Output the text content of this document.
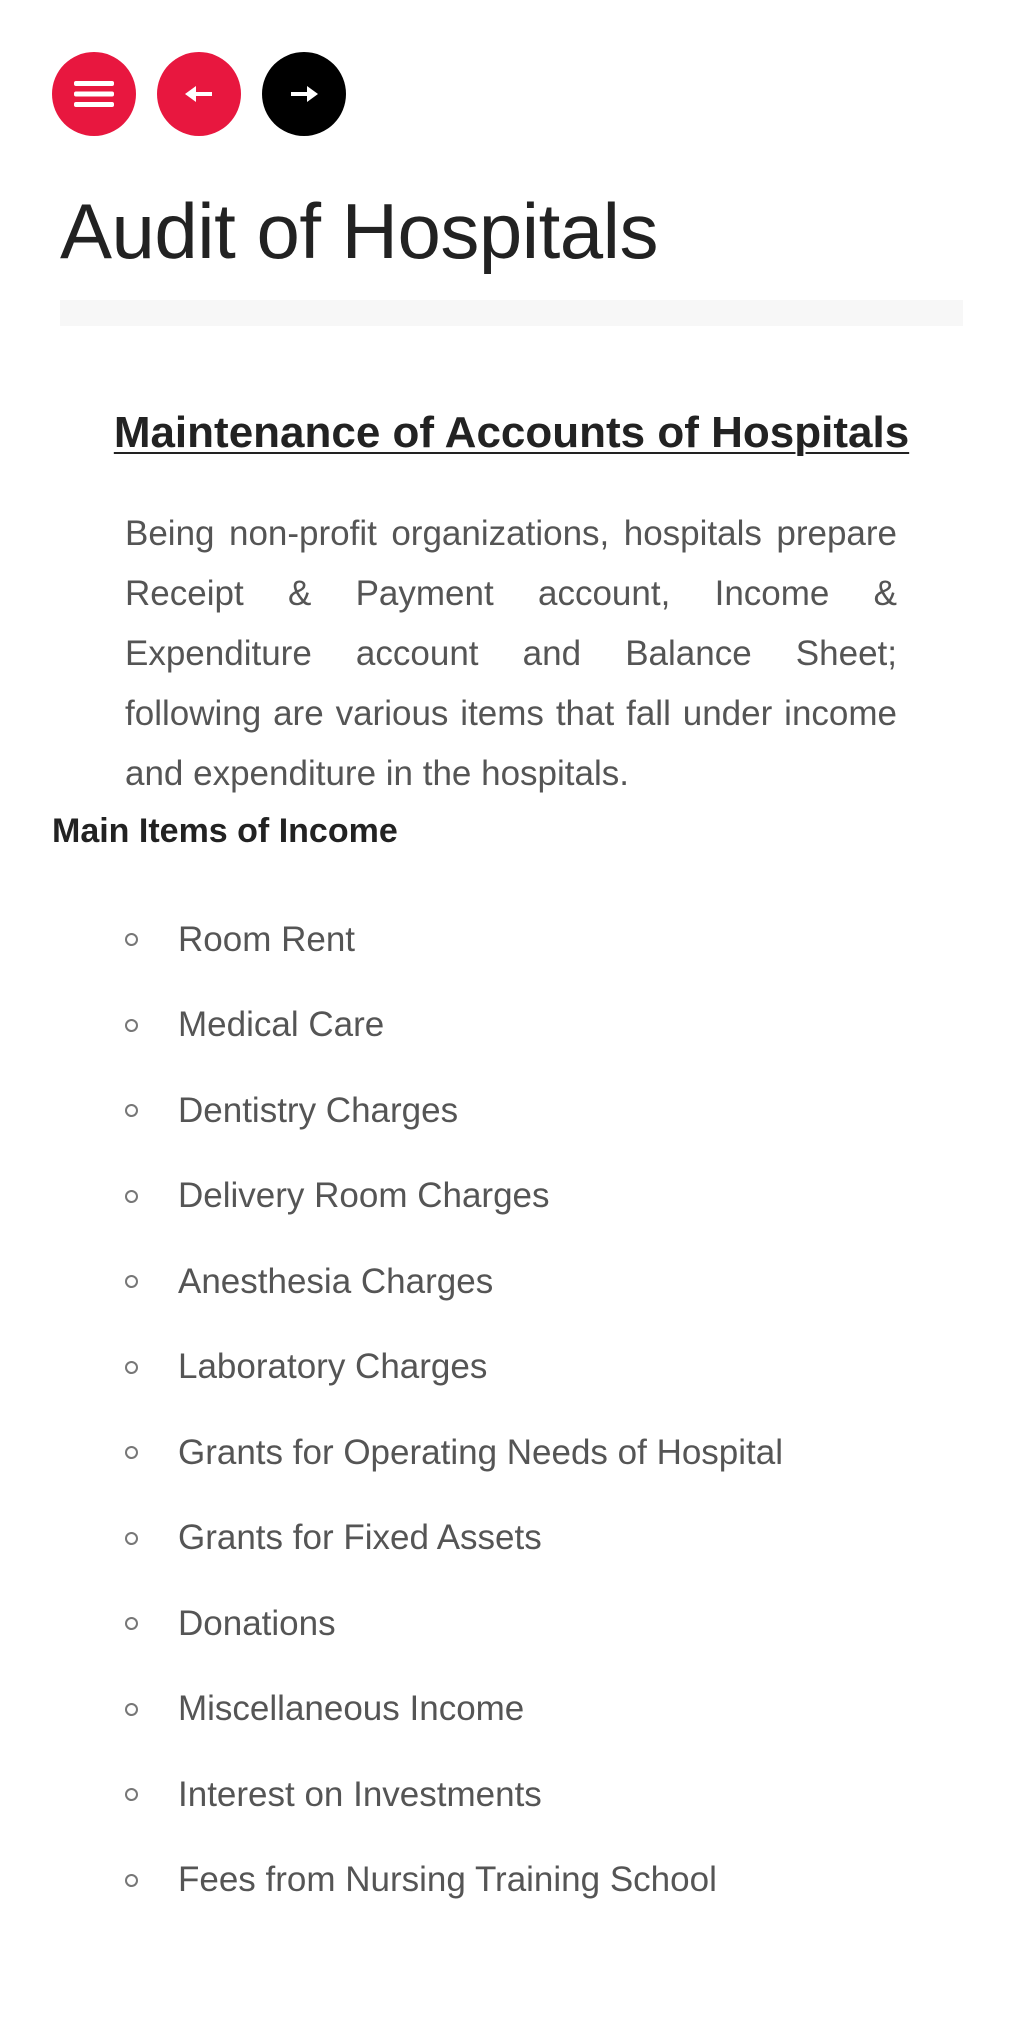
Audit of Hospitals
Maintenance of Accounts of Hospitals

Being non-profit organizations, hospitals prepare Receipt & Payment account, Income & Expenditure account and Balance Sheet; following are various items that fall under income and expenditure in the hospitals.

Main Items of Income
Room Rent
Medical Care
Dentistry Charges
Delivery Room Charges
Anesthesia Charges
Laboratory Charges
Grants for Operating Needs of Hospital
Grants for Fixed Assets
Donations
Miscellaneous Income
Interest on Investments
Fees from Nursing Training School
